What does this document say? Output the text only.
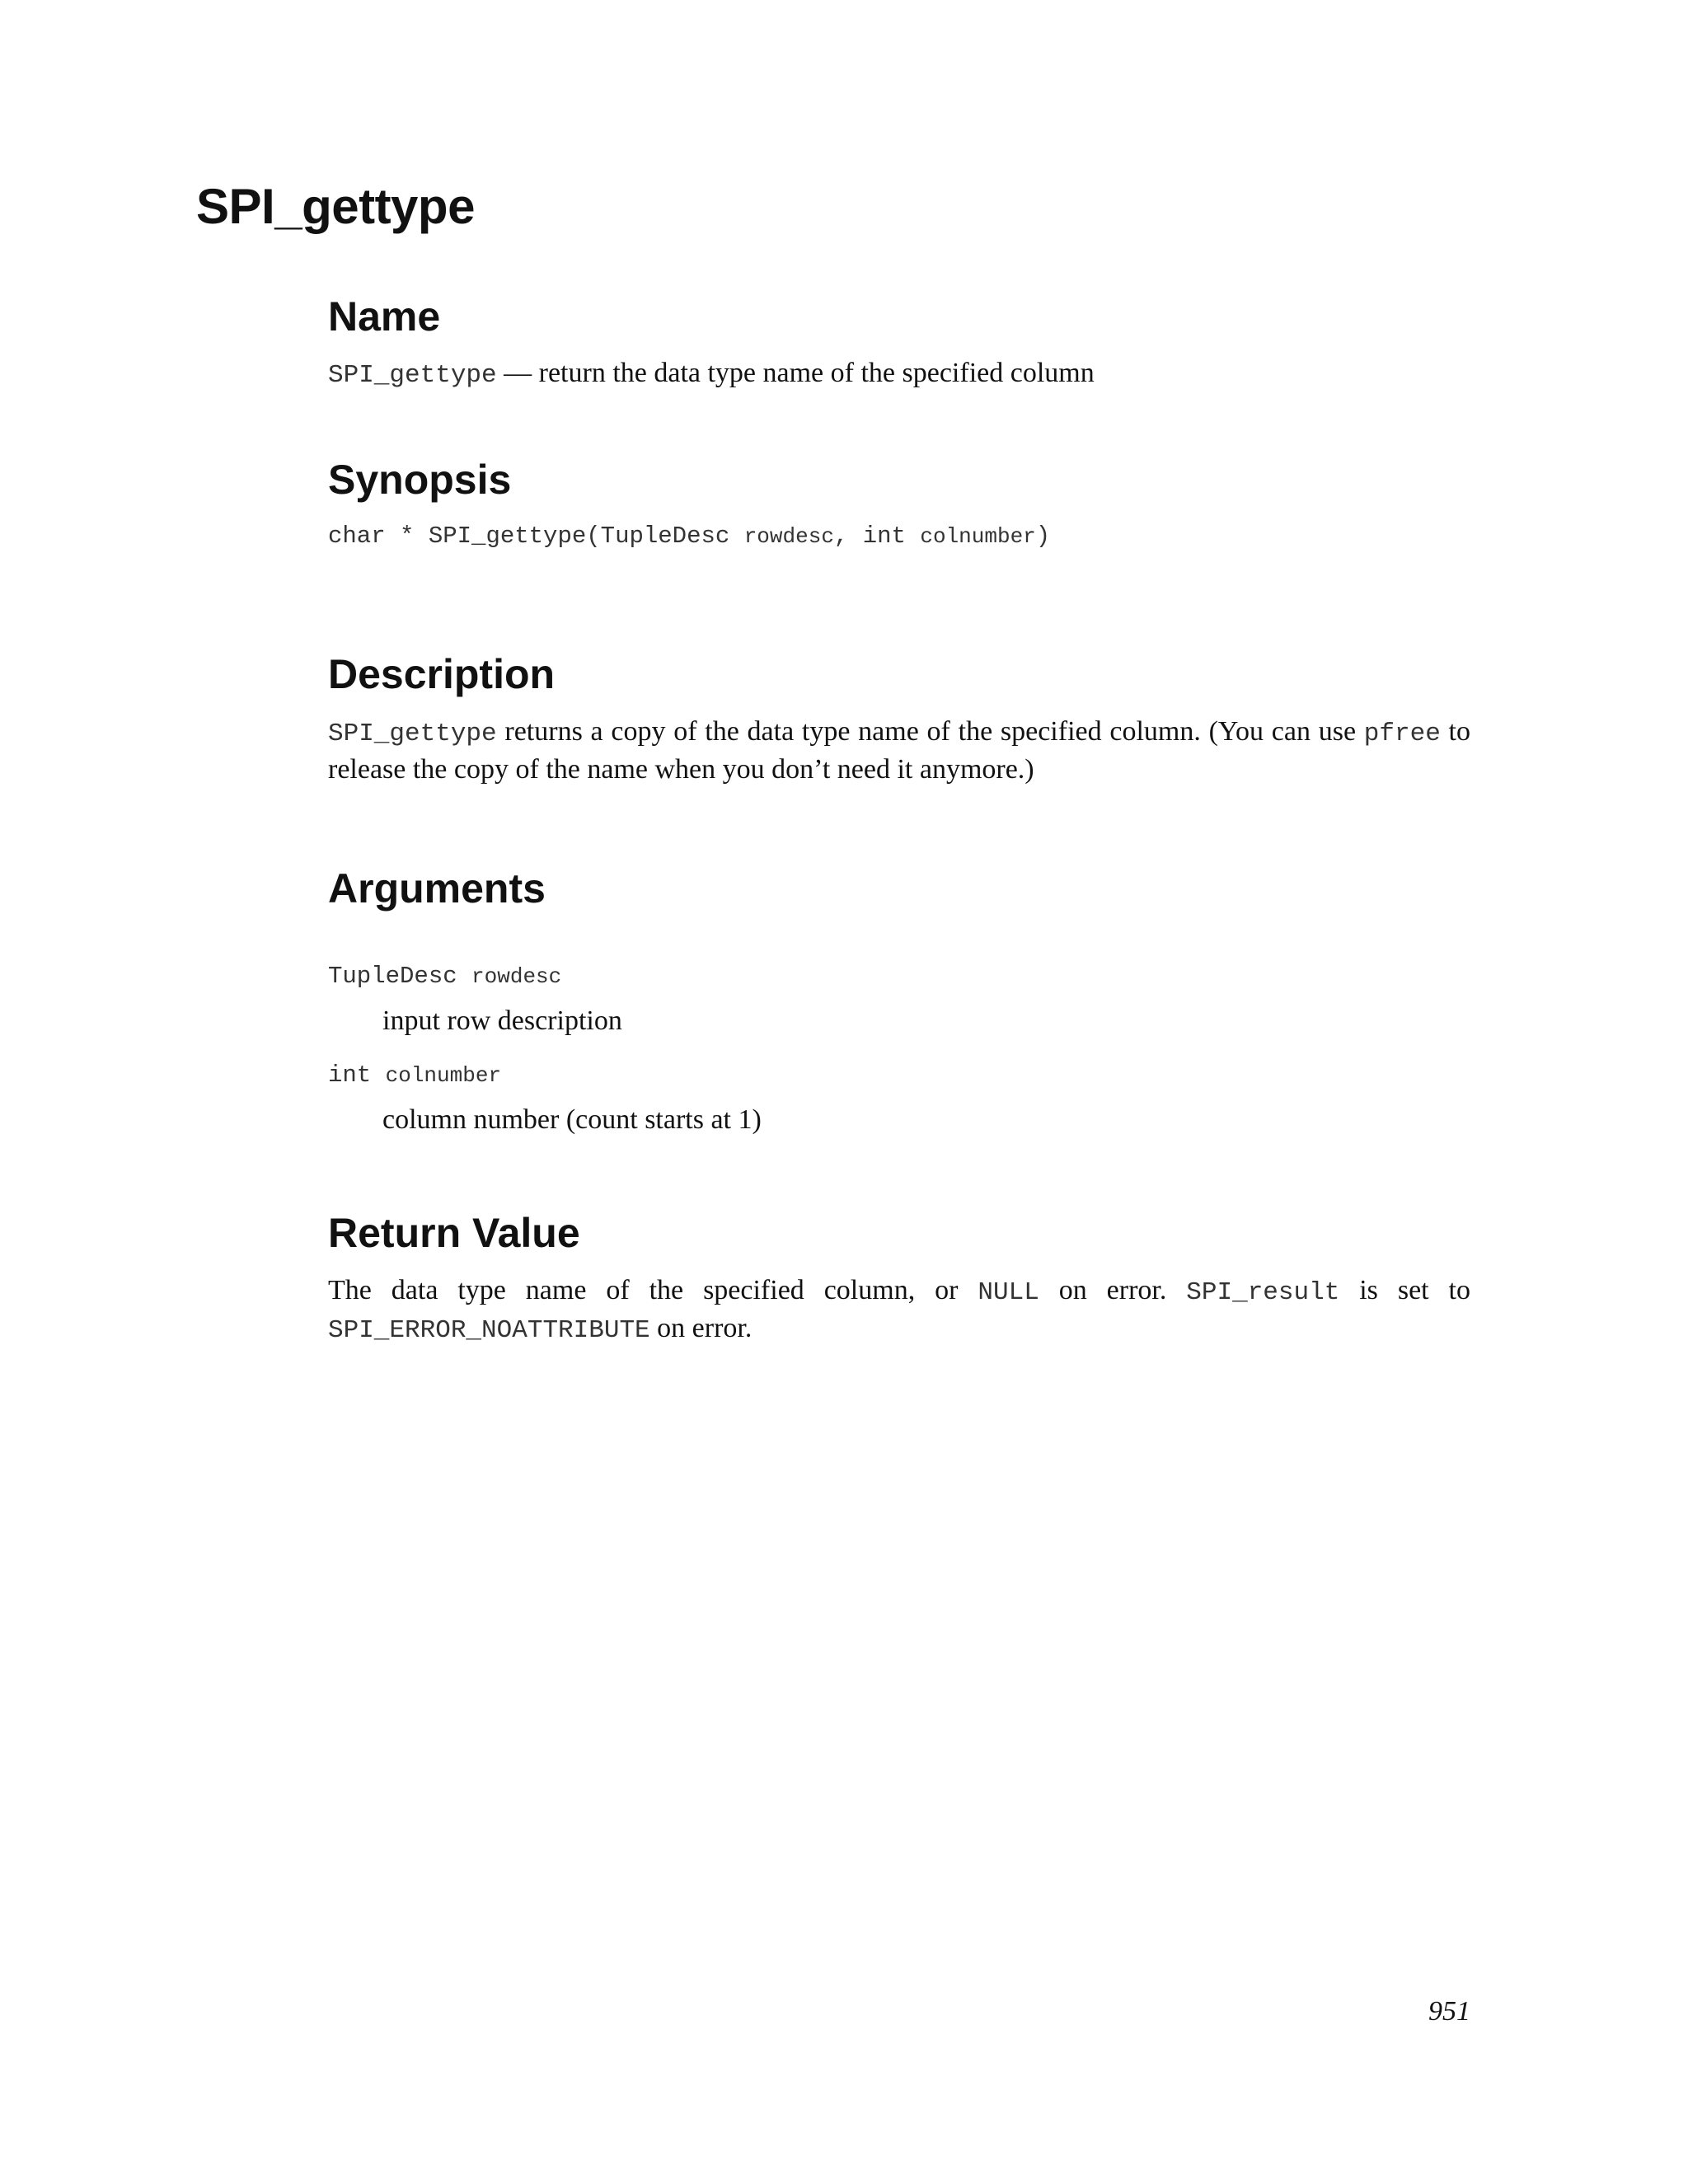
SPI_gettype
Name
SPI_gettype — return the data type name of the specified column
Synopsis
char * SPI_gettype(TupleDesc rowdesc, int colnumber)
Description

SPI_gettype returns a copy of the data type name of the specified column. (You can use pfree to release the copy of the name when you don’t need it anymore.)

Arguments
TupleDesc rowdesc
input row description
int colnumber
column number (count starts at 1)
Return Value

The data type name of the specified column, or NULL on error. SPI_result is set to SPI_ERROR_NOATTRIBUTE on error.

951
